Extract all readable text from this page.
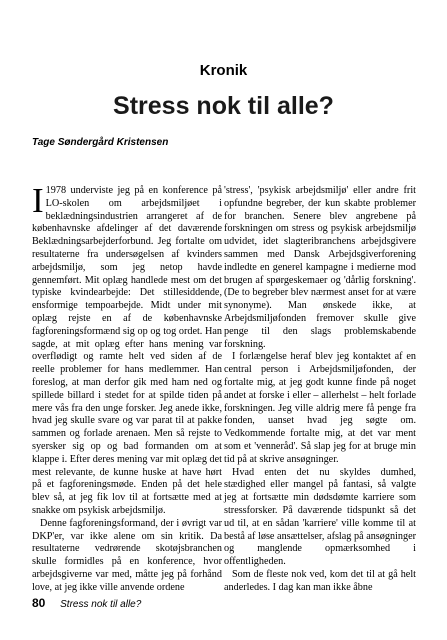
Kronik
Stress nok til alle?
Tage Søndergård Kristensen

I 1978 underviste jeg på en konference på LO-skolen om arbejdsmiljøet i beklædningsindustrien arrangeret af de københavnske afdelinger af det daværende Beklædningsarbejderforbund. Jeg fortalte om resultaterne fra undersøgelsen af kvinders arbejdsmiljø, som jeg netop havde gennemført. Mit oplæg handlede mest om det typiske kvindearbejde: Det stillesiddende, ensformige tempoarbejde. Midt under mit oplæg rejste en af de københavnske fagforeningsformænd sig op og tog ordet. Han sagde, at mit oplæg efter hans mening var overflødigt og ramte helt ved siden af de reelle problemer for hans medlemmer. Han foreslog, at man derfor gik med ham ned og spillede billard i stedet for at spilde tiden på mere vås fra den unge forsker. Jeg anede ikke, hvad jeg skulle svare og var parat til at pakke sammen og forlade arenaen. Men så rejste to syersker sig op og bad formanden om at klappe i. Efter deres mening var mit oplæg det mest relevante, de kunne huske at have hørt på et fagforeningsmøde. Enden på det hele blev så, at jeg fik lov til at fortsætte med at snakke om psykisk arbejdsmiljø.

Denne fagforeningsformand, der i øvrigt var DKP'er, var ikke alene om sin kritik. Da resultaterne vedrørende skotøjsbranchen skulle formidles på en konference, hvor arbejdsgiverne var med, måtte jeg på forhånd love, at jeg ikke ville anvende ordene

'stress', 'psykisk arbejdsmiljø' eller andre frit opfundne begreber, der kun skabte problemer for branchen. Senere blev angrebene på forskningen om stress og psykisk arbejdsmiljø udvidet, idet slagteribranchens arbejdsgivere sammen med Dansk Arbejdsgiverforening indledte en generel kampagne i medierne mod brugen af spørgeskemaer og 'dårlig forskning'. (De to begreber blev nærmest anset for at være synonyme). Man ønskede ikke, at Arbejdsmiljøfonden fremover skulle give penge til den slags problemskabende forskning.

I forlængelse heraf blev jeg kontaktet af en central person i Arbejdsmiljøfonden, der fortalte mig, at jeg godt kunne finde på noget andet at forske i eller – allerhelst – helt forlade forskningen. Jeg ville aldrig mere få penge fra fonden, uanset hvad jeg søgte om. Vedkommende fortalte mig, at det var ment som et 'venneråd'. Så slap jeg for at bruge min tid på at skrive ansøgninger.

Hvad enten det nu skyldes dumhed, stædighed eller mangel på fantasi, så valgte jeg at fortsætte min dødsdømte karriere som stressforsker. På daværende tidspunkt så det ud til, at en sådan 'karriere' ville komme til at bestå af løse ansættelser, afslag på ansøgninger og manglende opmærksomhed i offentligheden.

Som de fleste nok ved, kom det til at gå helt anderledes. I dag kan man ikke åbne

80 Stress nok til alle?
